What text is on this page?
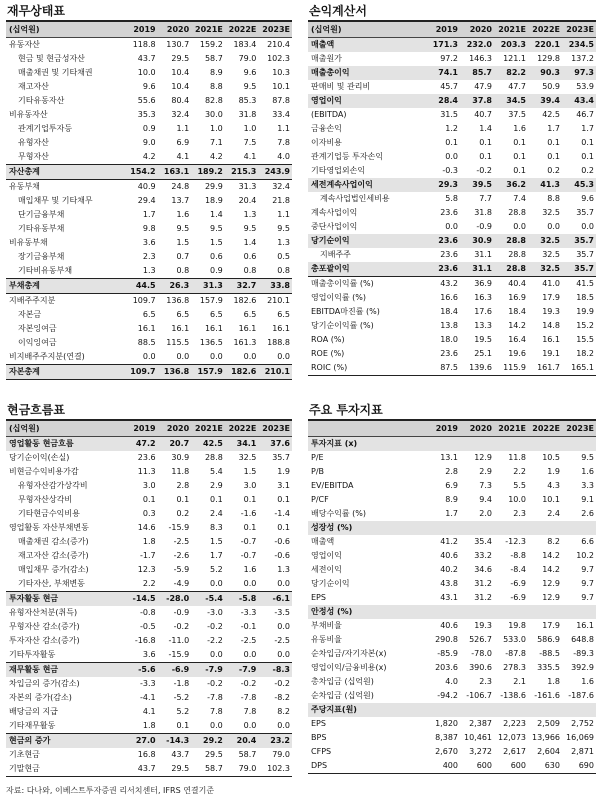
재무상태표
(십억원)	2019	2020	2021E	2022E	2023E
유동자산	118.8	130.7	159.2	183.4	210.4
현금 및 현금성자산	43.7	29.5	58.7	79.0	102.3
매출채권 및 기타채권	10.0	10.4	8.9	9.6	10.3
재고자산	9.6	10.4	8.8	9.5	10.1
기타유동자산	55.6	80.4	82.8	85.3	87.8
비유동자산	35.3	32.4	30.0	31.8	33.4
관계기업투자등	0.9	1.1	1.0	1.0	1.1
유형자산	9.0	6.9	7.1	7.5	7.8
무형자산	4.2	4.1	4.2	4.1	4.0
자산총계	154.2	163.1	189.2	215.3	243.9
유동부채	40.9	24.8	29.9	31.3	32.4
매입채무 및 기타채무	29.4	13.7	18.9	20.4	21.8
단기금융부채	1.7	1.6	1.4	1.3	1.1
기타유동부채	9.8	9.5	9.5	9.5	9.5
비유동부채	3.6	1.5	1.5	1.4	1.3
장기금융부채	2.3	0.7	0.6	0.6	0.5
기타비유동부채	1.3	0.8	0.9	0.8	0.8
부채총계	44.5	26.3	31.3	32.7	33.8
지배주주지분	109.7	136.8	157.9	182.6	210.1
자본금	6.5	6.5	6.5	6.5	6.5
자본잉여금	16.1	16.1	16.1	16.1	16.1
이익잉여금	88.5	115.5	136.5	161.3	188.8
비지배주주지분(연결)	0.0	0.0	0.0	0.0	0.0
자본총계	109.7	136.8	157.9	182.6	210.1
손익계산서
(십억원)	2019	2020	2021E	2022E	2023E
매출액	171.3	232.0	203.3	220.1	234.5
매출원가	97.2	146.3	121.1	129.8	137.2
매출총이익	74.1	85.7	82.2	90.3	97.3
판매비 및 관리비	45.7	47.9	47.7	50.9	53.9
영업이익	28.4	37.8	34.5	39.4	43.4
(EBITDA)	31.5	40.7	37.5	42.5	46.7
금융손익	1.2	1.4	1.6	1.7	1.7
이자비용	0.1	0.1	0.1	0.1	0.1
관계기업등 투자손익	0.0	0.1	0.1	0.1	0.1
기타영업외손익	-0.3	-0.2	0.1	0.2	0.2
세전계속사업이익	29.3	39.5	36.2	41.3	45.3
계속사업법인세비용	5.8	7.7	7.4	8.8	9.6
계속사업이익	23.6	31.8	28.8	32.5	35.7
중단사업이익	0.0	-0.9	0.0	0.0	0.0
당기순이익	23.6	30.9	28.8	32.5	35.7
지배주주	23.6	31.1	28.8	32.5	35.7
총포괄이익	23.6	31.1	28.8	32.5	35.7
매출총이익률 (%)	43.2	36.9	40.4	41.0	41.5
영업이익률 (%)	16.6	16.3	16.9	17.9	18.5
EBITDA마진률 (%)	18.4	17.6	18.4	19.3	19.9
당기순이익률 (%)	13.8	13.3	14.2	14.8	15.2
ROA (%)	18.0	19.5	16.4	16.1	15.5
ROE (%)	23.6	25.1	19.6	19.1	18.2
ROIC (%)	87.5	139.6	115.9	161.7	165.1
현금흐름표
(십억원)	2019	2020	2021E	2022E	2023E
영업활동 현금흐름	47.2	20.7	42.5	34.1	37.6
당기순이익(손실)	23.6	30.9	28.8	32.5	35.7
비현금수익비용가감	11.3	11.8	5.4	1.5	1.9
유형자산감가상각비	3.0	2.8	2.9	3.0	3.1
무형자산상각비	0.1	0.1	0.1	0.1	0.1
기타현금수익비용	0.3	0.2	2.4	-1.6	-1.4
영업활동 자산부채변동	14.6	-15.9	8.3	0.1	0.1
매출채권 감소(증가)	1.8	-2.5	1.5	-0.7	-0.6
재고자산 감소(증가)	-1.7	-2.6	1.7	-0.7	-0.6
매입채무 증가(감소)	12.3	-5.9	5.2	1.6	1.3
기타자산, 부채변동	2.2	-4.9	0.0	0.0	0.0
투자활동 현금	-14.5	-28.0	-5.4	-5.8	-6.1
유형자산처분(취득)	-0.8	-0.9	-3.0	-3.3	-3.5
무형자산 감소(증가)	-0.5	-0.2	-0.2	-0.1	0.0
투자자산 감소(증가)	-16.8	-11.0	-2.2	-2.5	-2.5
기타투자활동	3.6	-15.9	0.0	0.0	0.0
재무활동 현금	-5.6	-6.9	-7.9	-7.9	-8.3
차입금의 증가(감소)	-3.3	-1.8	-0.2	-0.2	-0.2
자본의 증가(감소)	-4.1	-5.2	-7.8	-7.8	-8.2
배당금의 지급	4.1	5.2	7.8	7.8	8.2
기타재무활동	1.8	0.1	0.0	0.0	0.0
현금의 증가	27.0	-14.3	29.2	20.4	23.2
기초현금	16.8	43.7	29.5	58.7	79.0
기말현금	43.7	29.5	58.7	79.0	102.3
주요 투자지표
	2019	2020	2021E	2022E	2023E
투자지표 (x)					
P/E	13.1	12.9	11.8	10.5	9.5
P/B	2.8	2.9	2.2	1.9	1.6
EV/EBITDA	6.9	7.3	5.5	4.3	3.3
P/CF	8.9	9.4	10.0	10.1	9.1
배당수익률 (%)	1.7	2.0	2.3	2.4	2.6
성장성 (%)					
매출액	41.2	35.4	-12.3	8.2	6.6
영업이익	40.6	33.2	-8.8	14.2	10.2
세전이익	40.2	34.6	-8.4	14.2	9.7
당기순이익	43.8	31.2	-6.9	12.9	9.7
EPS	43.1	31.2	-6.9	12.9	9.7
안정성 (%)					
부채비율	40.6	19.3	19.8	17.9	16.1
유동비율	290.8	526.7	533.0	586.9	648.8
순차입금/자기자본(x)	-85.9	-78.0	-87.8	-88.5	-89.3
영업이익/금융비용(x)	203.6	390.6	278.3	335.5	392.9
총차입금 (십억원)	4.0	2.3	2.1	1.8	1.6
순차입금 (십억원)	-94.2	-106.7	-138.6	-161.6	-187.6
주당지표(원)					
EPS	1,820	2,387	2,223	2,509	2,752
BPS	8,387	10,461	12,073	13,966	16,069
CFPS	2,670	3,272	2,617	2,604	2,871
DPS	400	600	600	630	690
자료: 다나와, 이베스트투자증권 리서치센터, IFRS 연결기준
